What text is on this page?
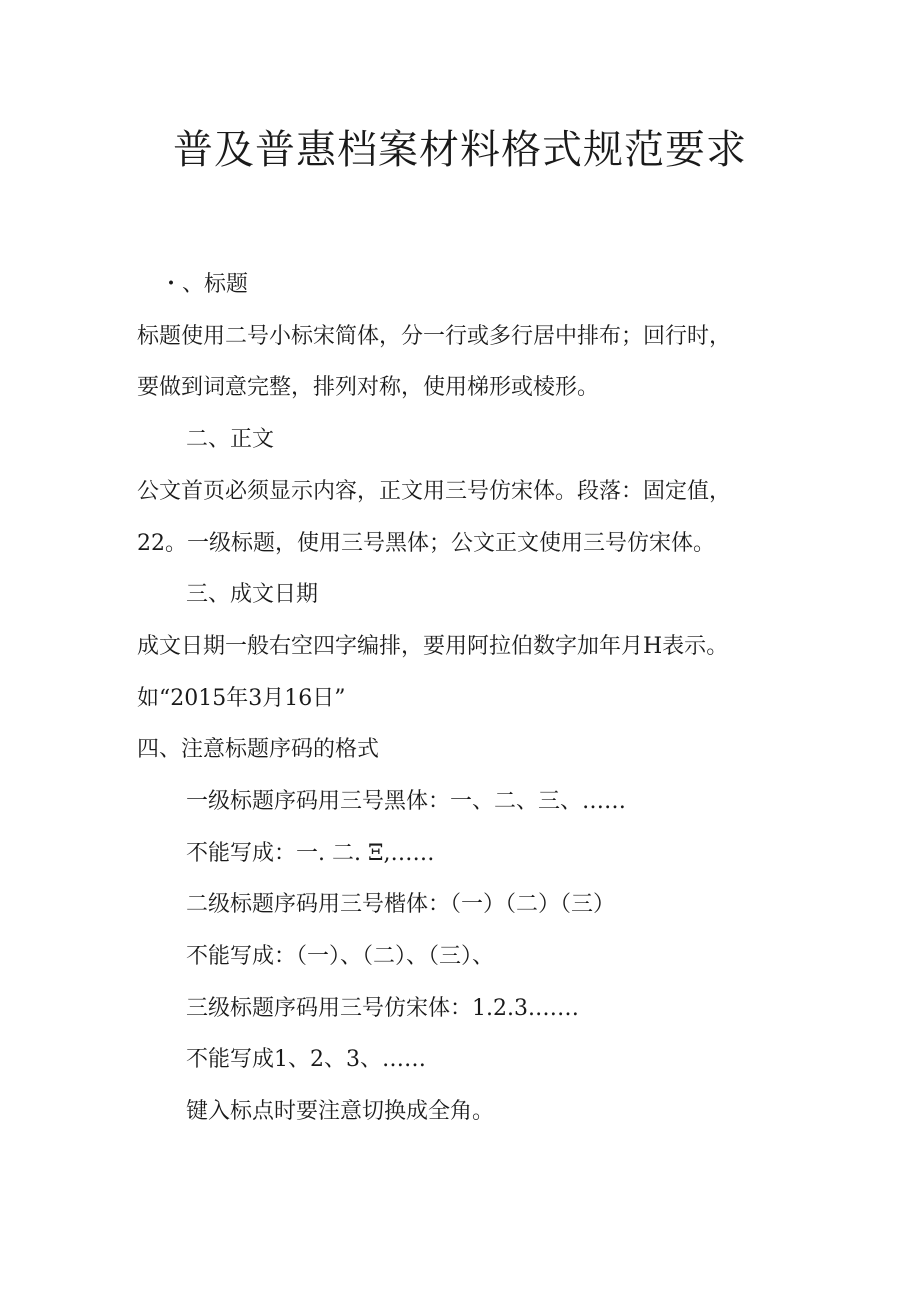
普及普惠档案材料格式规范要求

・、标题

标题使用二号小标宋简体，分一行或多行居中排布；回行时，

要做到词意完整，排列对称，使用梯形或棱形。

二、正文

公文首页必须显示内容，正文用三号仿宋体。段落：固定值，

22。一级标题，使用三号黑体；公文正文使用三号仿宋体。

三、成文日期

成文日期一般右空四字编排，要用阿拉伯数字加年月H表示。

如“2015年3月16日”

四、注意标题序码的格式

一级标题序码用三号黑体：一、二、三、……

不能写成：一. 二. Ξ,……

二级标题序码用三号楷体：（一）（二）（三）

不能写成：（一）、（二）、（三）、

三级标题序码用三号仿宋体：1.2.3.……

不能写成1、2、3、……

键入标点时要注意切换成全角。
